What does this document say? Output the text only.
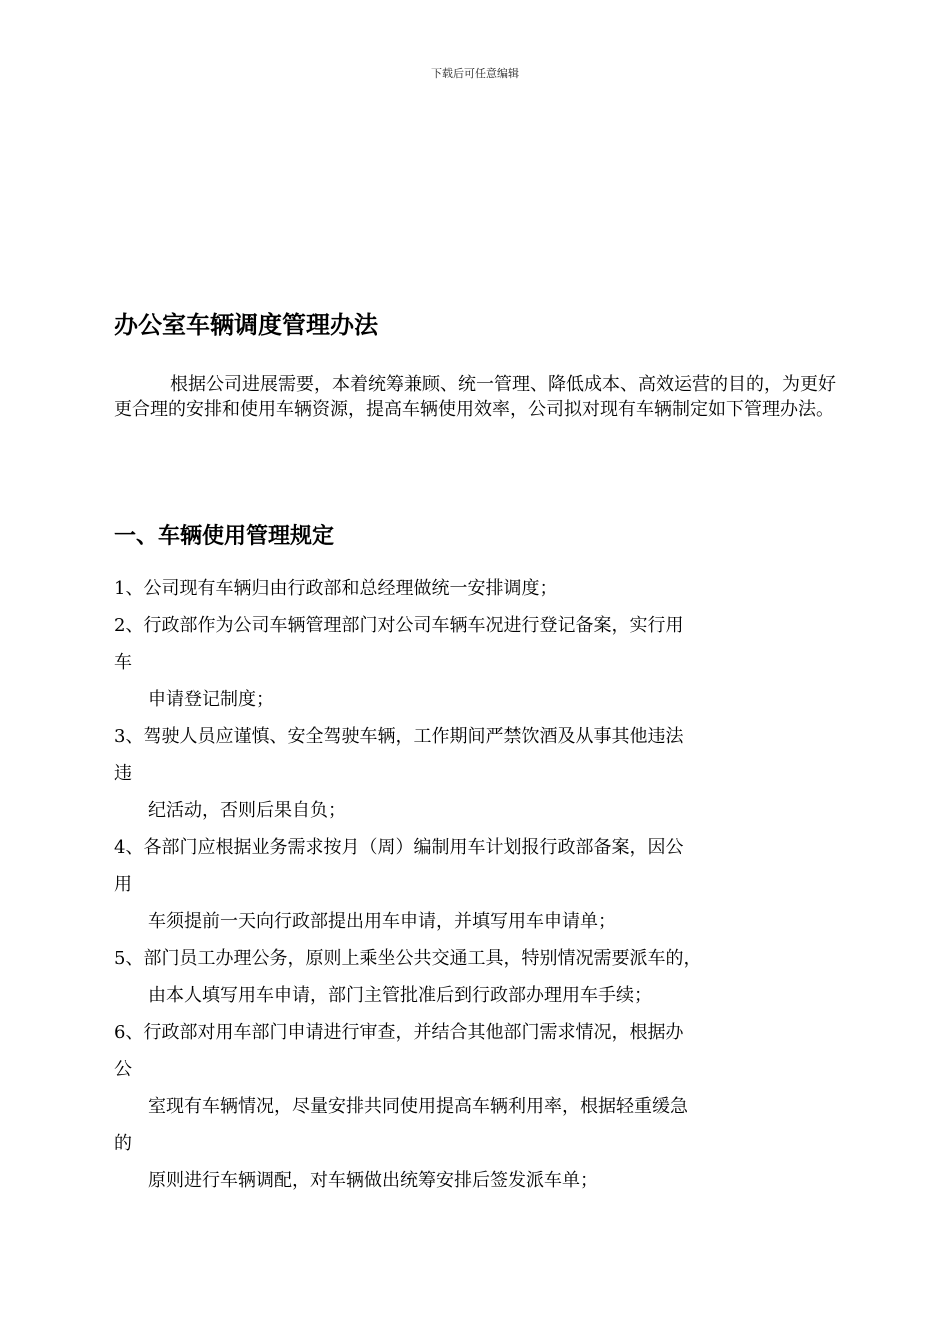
下载后可任意编辑
办公室车辆调度管理办法

根据公司进展需要，本着统筹兼顾、统一管理、降低成本、高效运营的目的，为更好更合理的安排和使用车辆资源，提高车辆使用效率，公司拟对现有车辆制定如下管理办法。

一、车辆使用管理规定
1、公司现有车辆归由行政部和总经理做统一安排调度；
2、行政部作为公司车辆管理部门对公司车辆车况进行登记备案，实行用
车
申请登记制度；
3、驾驶人员应谨慎、安全驾驶车辆，工作期间严禁饮酒及从事其他违法
违
纪活动，否则后果自负；
4、各部门应根据业务需求按月（周）编制用车计划报行政部备案，因公
用
车须提前一天向行政部提出用车申请，并填写用车申请单；
5、部门员工办理公务，原则上乘坐公共交通工具，特别情况需要派车的，
由本人填写用车申请，部门主管批准后到行政部办理用车手续；
6、行政部对用车部门申请进行审查，并结合其他部门需求情况，根据办
公
室现有车辆情况，尽量安排共同使用提高车辆利用率，根据轻重缓急
的
原则进行车辆调配，对车辆做出统筹安排后签发派车单；
